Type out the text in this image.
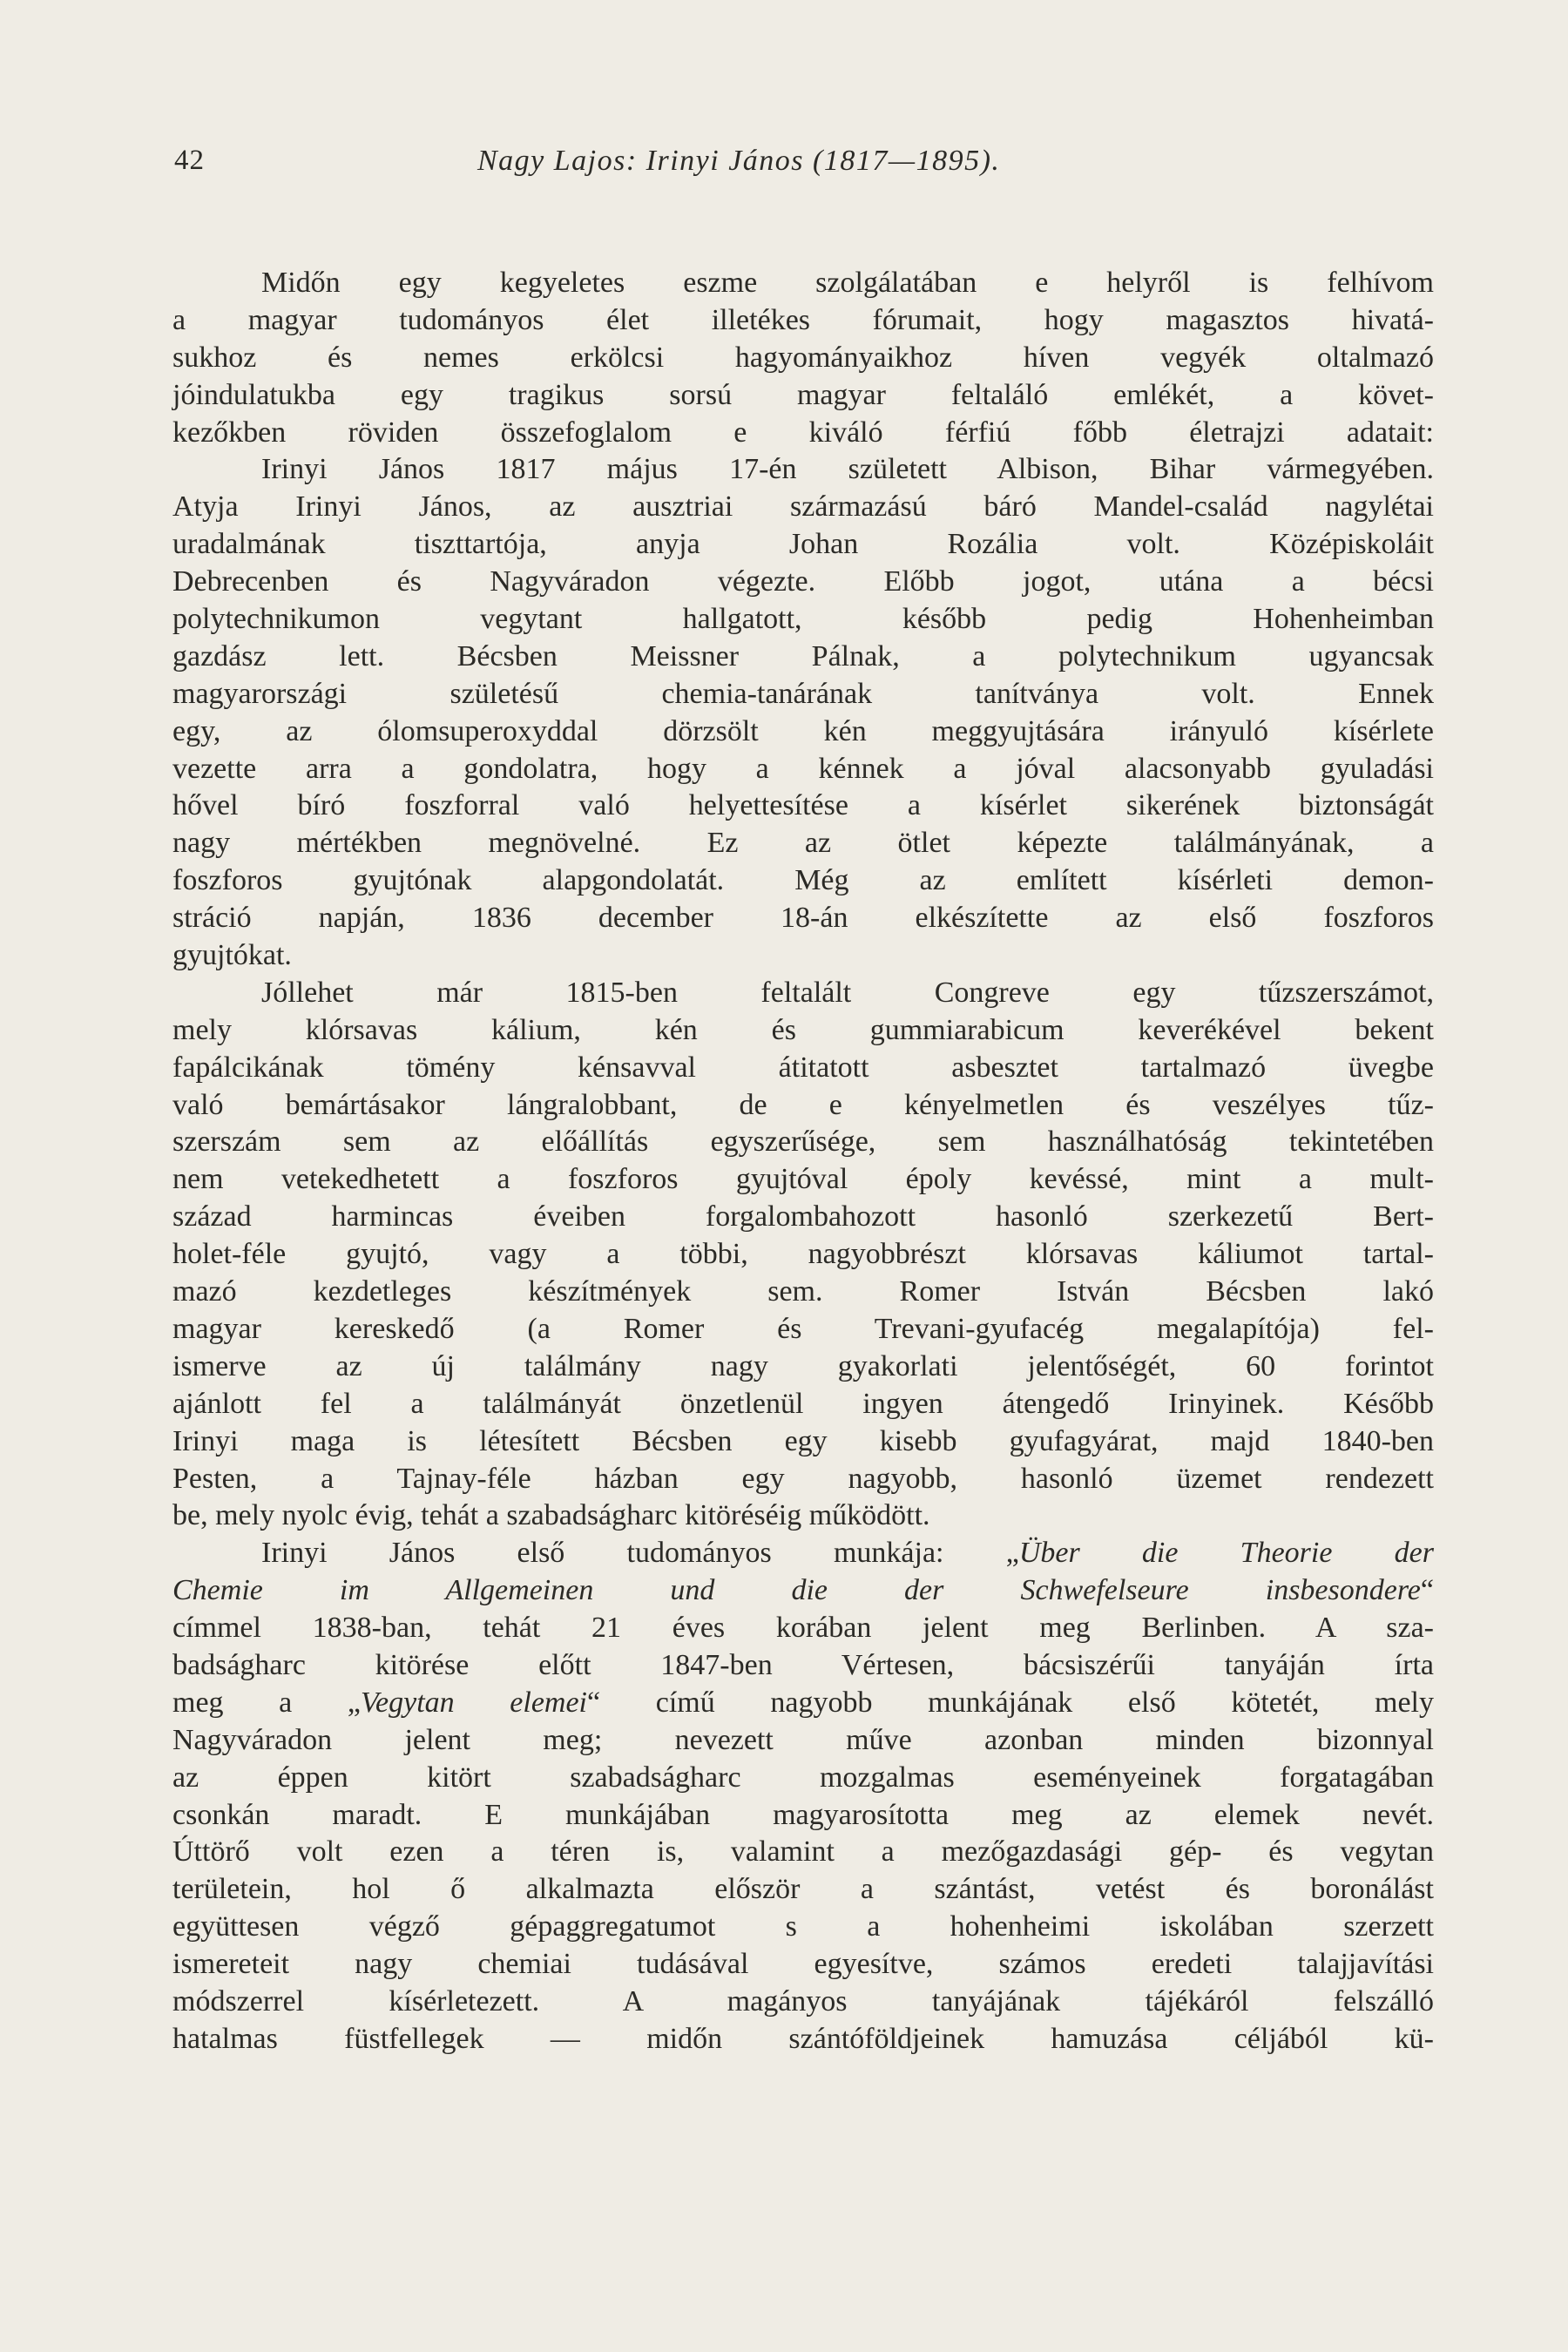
42	Nagy Lajos: Irinyi János (1817—1895).
Midőn egy kegyeletes eszme szolgálatában e helyről is felhívom
a magyar tudományos élet illetékes fórumait, hogy magasztos hivatá-
sukhoz és nemes erkölcsi hagyományaikhoz híven vegyék oltalmazó
jóindulatukba egy tragikus sorsú magyar feltaláló emlékét, a követ-
kezőkben röviden összefoglalom e kiváló férfiú főbb életrajzi adatait:
Irinyi János 1817 május 17-én született Albison, Bihar vármegyében.
Atyja Irinyi János, az ausztriai származású báró Mandel-család nagylétai
uradalmának tiszttartója, anyja Johan Rozália volt. Középiskoláit
Debrecenben és Nagyváradon végezte. Előbb jogot, utána a bécsi
polytechnikumon vegytant hallgatott, később pedig Hohenheimban
gazdász lett. Bécsben Meissner Pálnak, a polytechnikum ugyancsak
magyarországi születésű chemia-tanárának tanítványa volt. Ennek
egy, az ólomsuperoxyddal dörzsölt kén meggyujtására irányuló kísérlete
vezette arra a gondolatra, hogy a kénnek a jóval alacsonyabb gyuladási
hővel bíró foszforral való helyettesítése a kísérlet sikerének biztonságát
nagy mértékben megnövelné. Ez az ötlet képezte találmányának, a
foszforos gyujtónak alapgondolatát. Még az említett kísérleti demon-
stráció napján, 1836 december 18-án elkészítette az első foszforos
gyujtókat.
Jóllehet már 1815-ben feltalált Congreve egy tűzszerszámot,
mely klórsavas kálium, kén és gummiarabicum keverékével bekent
fapálcikának tömény kénsavval átitatott asbesztet tartalmazó üvegbe
való bemártásakor lángralobbant, de e kényelmetlen és veszélyes tűz-
szerszám sem az előállítás egyszerűsége, sem használhatóság tekintetében
nem vetekedhetett a foszforos gyujtóval époly kevéssé, mint a mult-
század harmincas éveiben forgalombahozott hasonló szerkezetű Bert-
holet-féle gyujtó, vagy a többi, nagyobbrészt klórsavas káliumot tartal-
mazó kezdetleges készítmények sem. Romer István Bécsben lakó
magyar kereskedő (a Romer és Trevani-gyufacég megalapítója) fel-
ismerve az új találmány nagy gyakorlati jelentőségét, 60 forintot
ajánlott fel a találmányát önzetlenül ingyen átengedő Irinyinek. Később
Irinyi maga is létesített Bécsben egy kisebb gyufagyárat, majd 1840-ben
Pesten, a Tajnay-féle házban egy nagyobb, hasonló üzemet rendezett
be, mely nyolc évig, tehát a szabadságharc kitöréséig működött.
Irinyi János első tudományos munkája: „Über die Theorie der
Chemie im Allgemeinen und die der Schwefelseure insbesondere“
címmel 1838-ban, tehát 21 éves korában jelent meg Berlinben. A sza-
badságharc kitörése előtt 1847-ben Vértesen, bácsiszérűi tanyáján írta
meg a „Vegytan elemei“ című nagyobb munkájának első kötetét, mely
Nagyváradon jelent meg; nevezett műve azonban minden bizonnyal
az éppen kitört szabadságharc mozgalmas eseményeinek forgatagában
csonkán maradt. E munkájában magyarosította meg az elemek nevét.
Úttörő volt ezen a téren is, valamint a mezőgazdasági gép- és vegytan
területein, hol ő alkalmazta először a szántást, vetést és boronálást
együttesen végző gépaggregatumot s a hohenheimi iskolában szerzett
ismereteit nagy chemiai tudásával egyesítve, számos eredeti talajjavítási
módszerrel kísérletezett. A magányos tanyájának tájékáról felszálló
hatalmas füstfellegek — midőn szántóföldjeinek hamuzása céljából kü-
